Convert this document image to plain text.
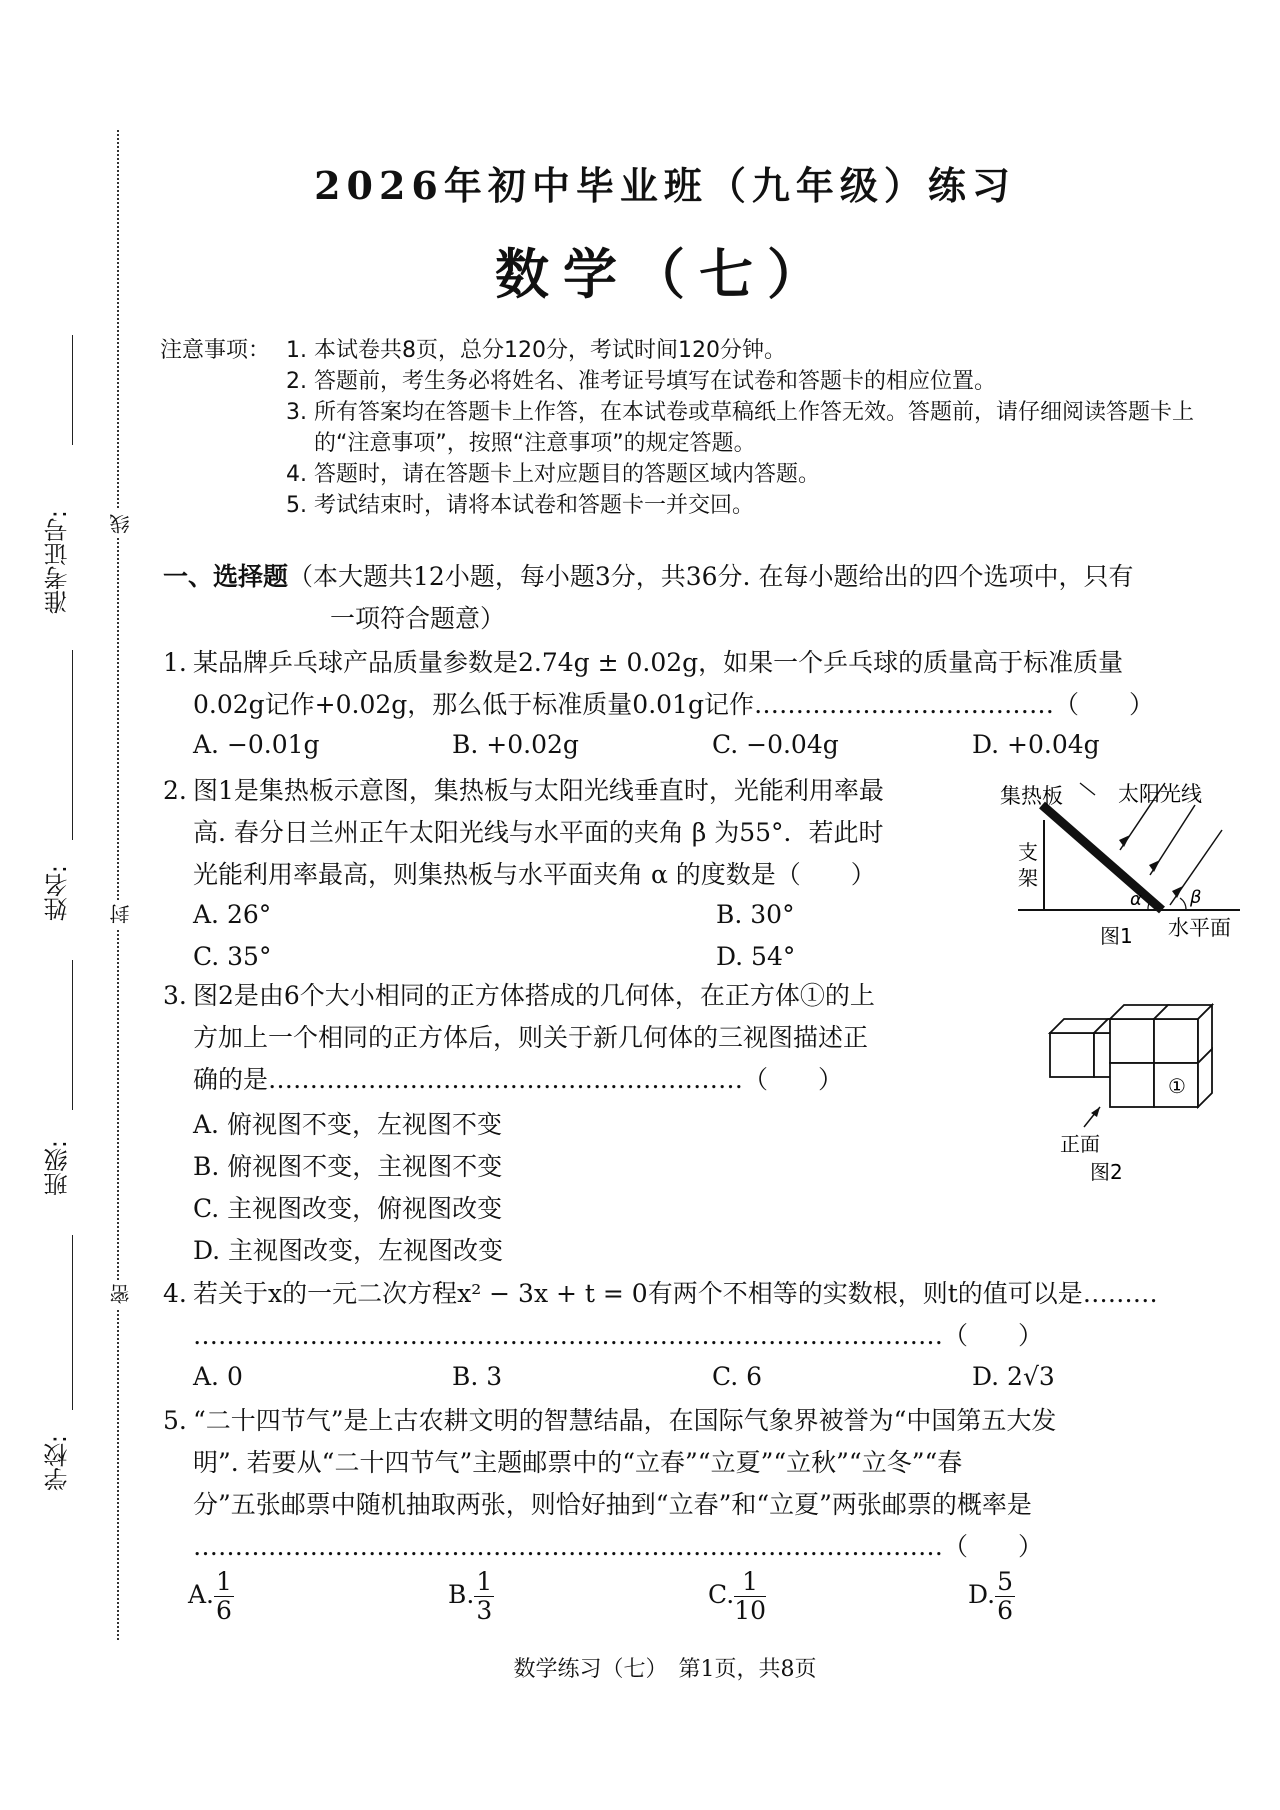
准考证号:
姓名:
班级:
学校:
线
封
密
2026年初中毕业班（九年级）练习
数学（七）
注意事项： 1. 本试卷共8页，总分120分，考试时间120分钟。
2. 答题前，考生务必将姓名、准考证号填写在试卷和答题卡的相应位置。
3. 所有答案均在答题卡上作答，在本试卷或草稿纸上作答无效。答题前，请仔细阅读答题卡上的“注意事项”，按照“注意事项”的规定答题。
4. 答题时，请在答题卡上对应题目的答题区域内答题。
5. 考试结束时，请将本试卷和答题卡一并交回。
一、选择题（本大题共12小题，每小题3分，共36分. 在每小题给出的四个选项中，只有
一项符合题意）
1. 某品牌乒乓球产品质量参数是2.74g ± 0.02g，如果一个乒乓球的质量高于标准质量
0.02g记作+0.02g，那么低于标准质量0.01g记作………………………………（　　）
A. −0.01g	B. +0.02g	C. −0.04g	D. +0.04g
2. 图1是集热板示意图，集热板与太阳光线垂直时，光能利用率最
高. 春分日兰州正午太阳光线与水平面的夹角 β 为55°．若此时
光能利用率最高，则集热板与水平面夹角 α 的度数是（　　）
A. 26°	B. 30°
C. 35°	D. 54°
集热板	太阳光线
支
架
α	β
水平面
图1
3. 图2是由6个大小相同的正方体搭成的几何体，在正方体①的上
方加上一个相同的正方体后，则关于新几何体的三视图描述正
确的是…………………………………………………（　　）
A. 俯视图不变，左视图不变
B. 俯视图不变，主视图不变
C. 主视图改变，俯视图改变
D. 主视图改变，左视图改变
①
正面
图2
4. 若关于x的一元二次方程x² − 3x + t = 0有两个不相等的实数根，则t的值可以是………
………………………………………………………………………………（　　）
A. 0	B. 3	C. 6	D. 2√3
5. “二十四节气”是上古农耕文明的智慧结晶，在国际气象界被誉为“中国第五大发
明”. 若要从“二十四节气”主题邮票中的“立春”“立夏”“立秋”“立冬”“春
分”五张邮票中随机抽取两张，则恰好抽到“立春”和“立夏”两张邮票的概率是
………………………………………………………………………………（　　）
A. $\frac{1}{6}$	B. $\frac{1}{3}$	C. $\frac{1}{10}$	D. $\frac{5}{6}$
数学练习（七）　第1页，共8页
